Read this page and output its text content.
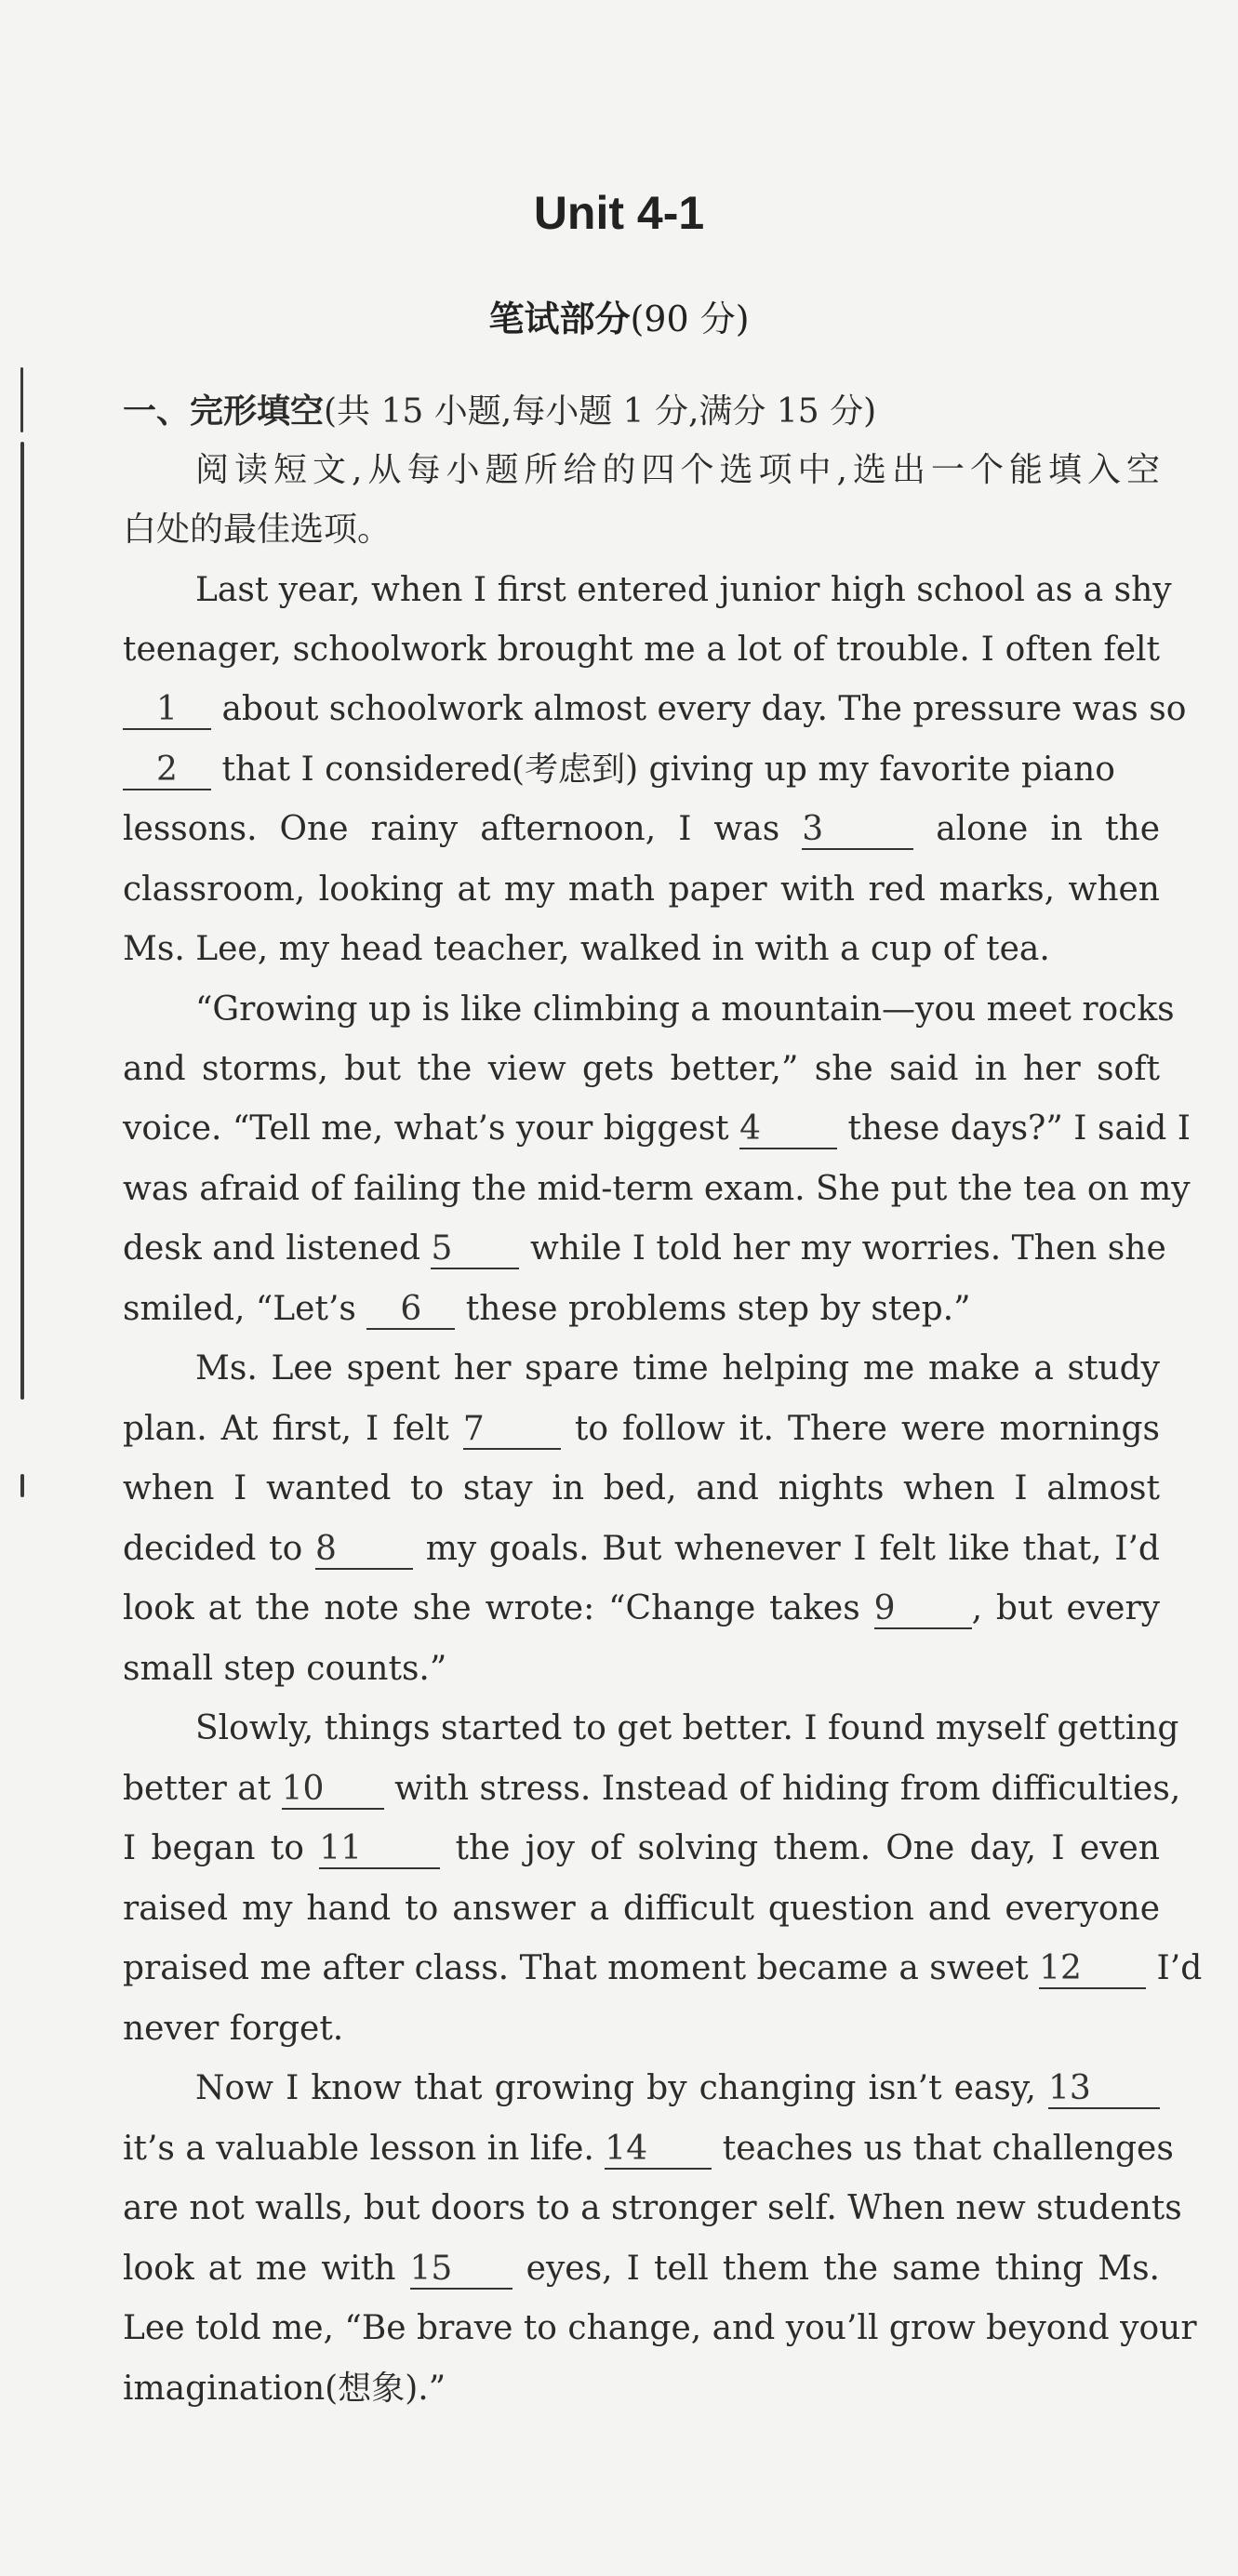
Unit 4-1
笔试部分(90 分)
一、完形填空(共 15 小题,每小题 1 分,满分 15 分)
阅读短文,从每小题所给的四个选项中,选出一个能填入空
白处的最佳选项。
Last year, when I first entered junior high school as a shy
teenager, schoolwork brought me a lot of trouble. I often felt
1 about schoolwork almost every day. The pressure was so
2 that I considered(考虑到) giving up my favorite piano
lessons. One rainy afternoon, I was 3	alone in the
classroom, looking at my math paper with red marks, when
Ms. Lee, my head teacher, walked in with a cup of tea.
“Growing up is like climbing a mountain—you meet rocks
and storms, but the view gets better,” she said in her soft
voice. “Tell me, what’s your biggest 4	these days?” I said I
was afraid of failing the mid-term exam. She put the tea on my
desk and listened 5 while I told her my worries. Then she
smiled, “Let’s 6 these problems step by step.”
Ms. Lee spent her spare time helping me make a study
plan. At first, I felt 7	to follow it. There were mornings
when I wanted to stay in bed, and nights when I almost
decided to 8	my goals. But whenever I felt like that, I’d
look at the note she wrote: “Change takes 9 , but every
small step counts.”
Slowly, things started to get better. I found myself getting
better at 10 with stress. Instead of hiding from difficulties,
I began to 11	the joy of solving them. One day, I even
raised my hand to answer a difficult question and everyone
praised me after class. That moment became a sweet 12 I’d
never forget.
Now I know that growing by changing isn’t easy, 13
it’s a valuable lesson in life. 14 teaches us that challenges
are not walls, but doors to a stronger self. When new students
look at me with 15 eyes, I tell them the same thing Ms.
Lee told me, “Be brave to change, and you’ll grow beyond your
imagination(想象).”
